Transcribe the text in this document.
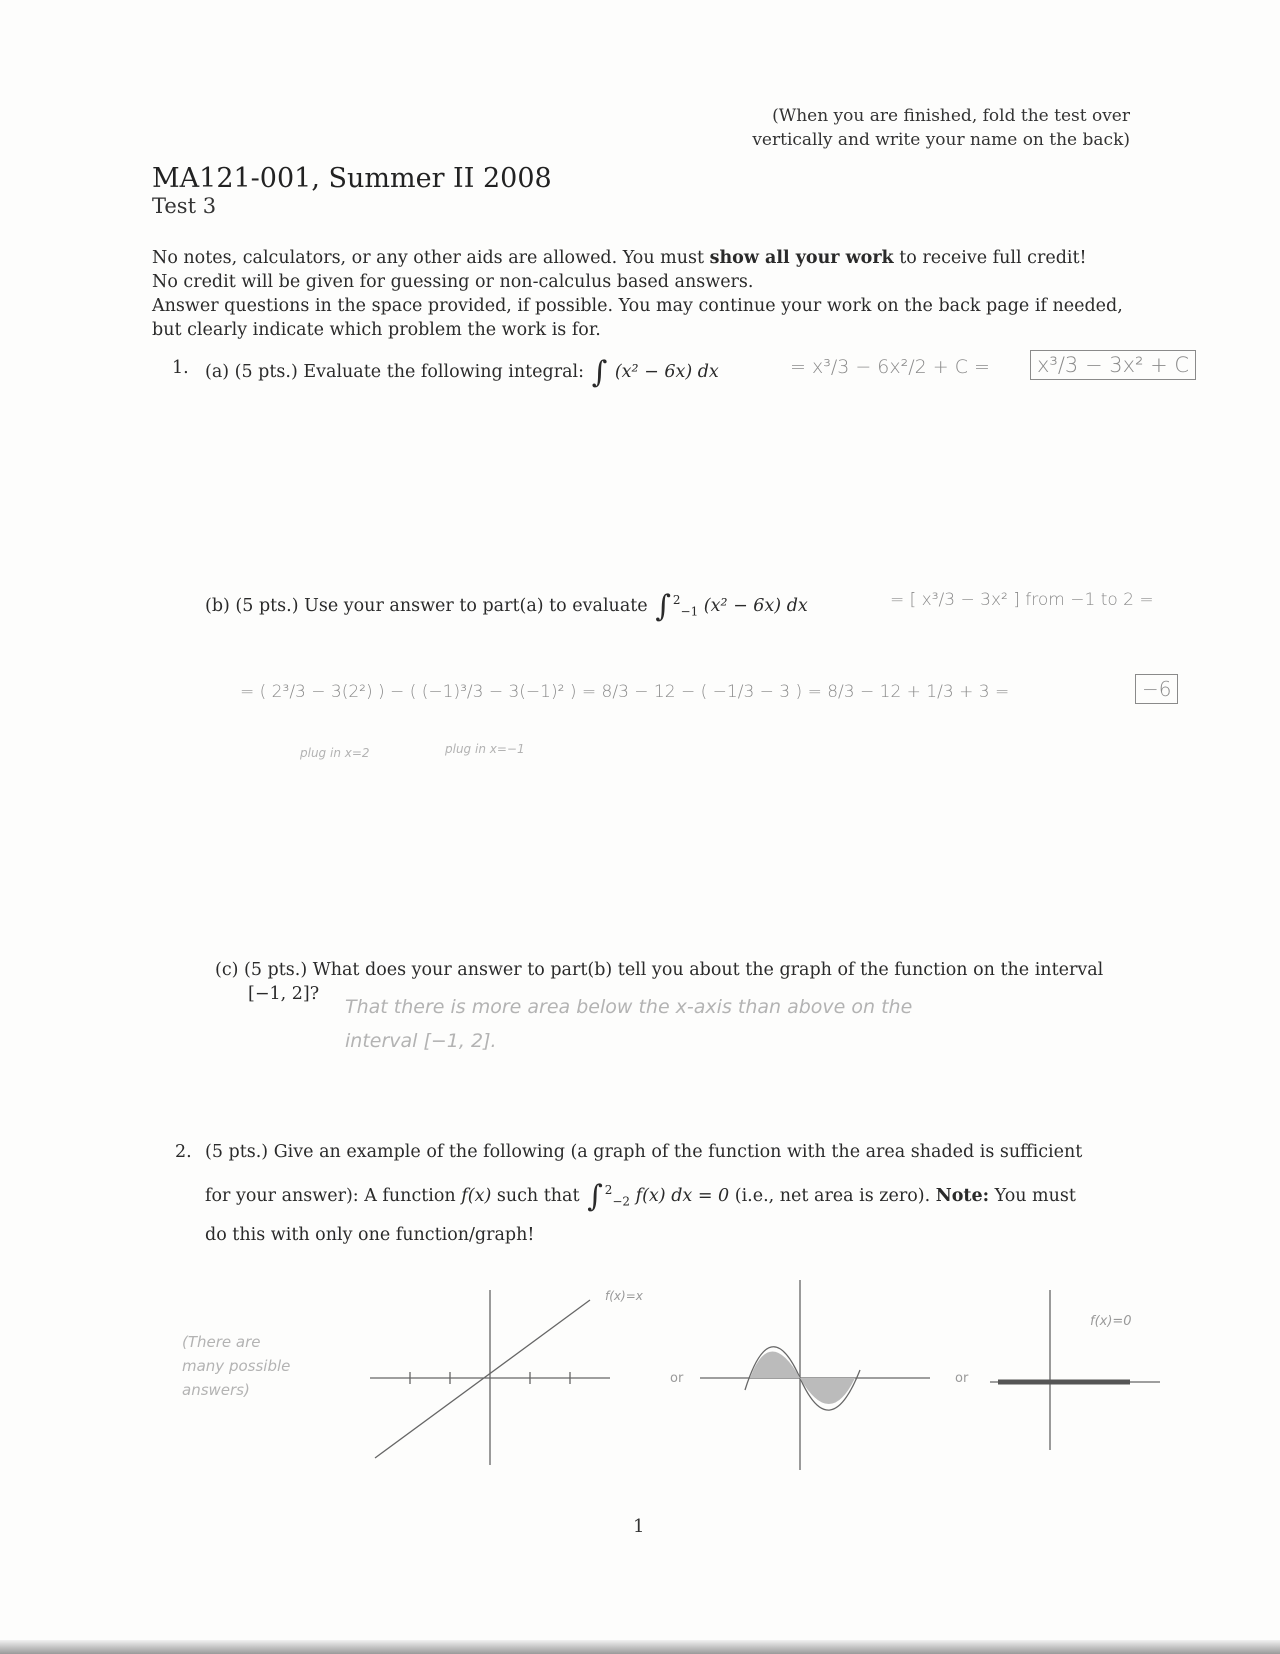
(When you are finished, fold the test over
vertically and write your name on the back)
MA121-001, Summer II 2008
Test 3

No notes, calculators, or any other aids are allowed. You must show all your work to receive full credit!

No credit will be given for guessing or non-calculus based answers.

Answer questions in the space provided, if possible. You may continue your work on the back page if needed,

but clearly indicate which problem the work is for.

1. (a) (5 pts.) Evaluate the following integral: ∫ (x² − 6x) dx	= x³/3 − 6x²/2 + C =	x³/3 − 3x² + C
(b) (5 pts.) Use your answer to part(a) to evaluate ∫ $^2_{-1}$ (x² − 6x) dx	= [ x³/3 − 3x² ] from −1 to 2 =
= ( 2³/3 − 3(2²) ) − ( (−1)³/3 − 3(−1)² ) = 8/3 − 12 − ( −1/3 − 3 ) = 8/3 − 12 + 1/3 + 3 =	−6
plug in x=2	plug in x=−1
(c) (5 pts.) What does your answer to part(b) tell you about the graph of the function on the interval
[−1, 2]?
That there is more area below the x-axis than above on the
interval [−1, 2].
2. (5 pts.) Give an example of the following (a graph of the function with the area shaded is sufficient
for your answer): A function f(x) such that ∫ $^2_{-2}$ f(x) dx = 0 (i.e., net area is zero). Note: You must
do this with only one function/graph!
(There are many possible answers)
f(x)=x
or	or
f(x)=0
1
